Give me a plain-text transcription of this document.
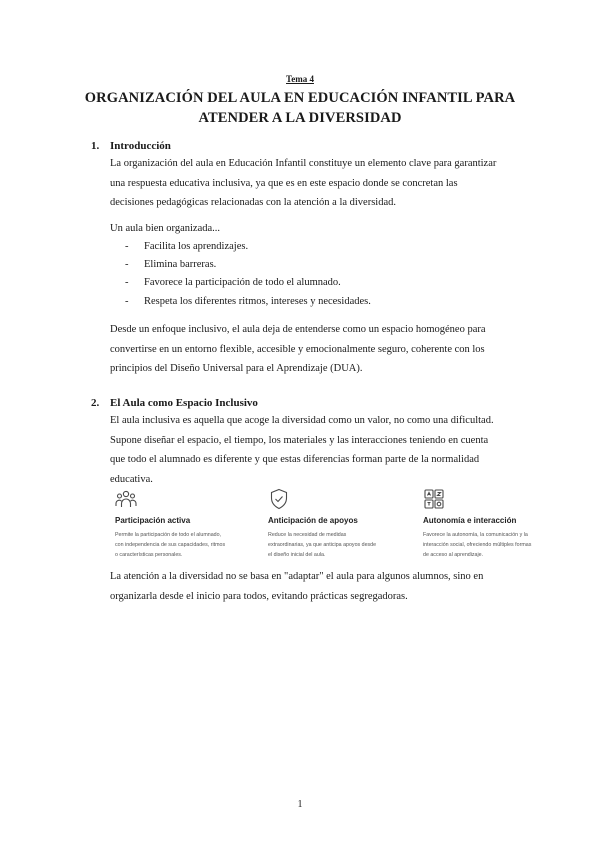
Tema 4
ORGANIZACIÓN DEL AULA EN EDUCACIÓN INFANTIL PARA
ATENDER A LA DIVERSIDAD
1. Introducción
La organización del aula en Educación Infantil constituye un elemento clave para garantizar
una respuesta educativa inclusiva, ya que es en este espacio donde se concretan las
decisiones pedagógicas relacionadas con la atención a la diversidad.
Un aula bien organizada...
-	Facilita los aprendizajes.
-	Elimina barreras.
-	Favorece la participación de todo el alumnado.
-	Respeta los diferentes ritmos, intereses y necesidades.
Desde un enfoque inclusivo, el aula deja de entenderse como un espacio homogéneo para
convertirse en un entorno flexible, accesible y emocionalmente seguro, coherente con los
principios del Diseño Universal para el Aprendizaje (DUA).
2. El Aula como Espacio Inclusivo
El aula inclusiva es aquella que acoge la diversidad como un valor, no como una dificultad.
Supone diseñar el espacio, el tiempo, los materiales y las interacciones teniendo en cuenta
que todo el alumnado es diferente y que estas diferencias forman parte de la normalidad
educativa.
Participación activa
Permite la participación de todo el alumnado,
con independencia de sus capacidades, ritmos
o características personales.
Anticipación de apoyos
Reduce la necesidad de medidas
extraordinarias, ya que anticipa apoyos desde
el diseño inicial del aula.
Autonomía e interacción
Favorece la autonomía, la comunicación y la
interacción social, ofreciendo múltiples formas
de acceso al aprendizaje.
La atención a la diversidad no se basa en "adaptar" el aula para algunos alumnos, sino en
organizarla desde el inicio para todos, evitando prácticas segregadoras.
1
